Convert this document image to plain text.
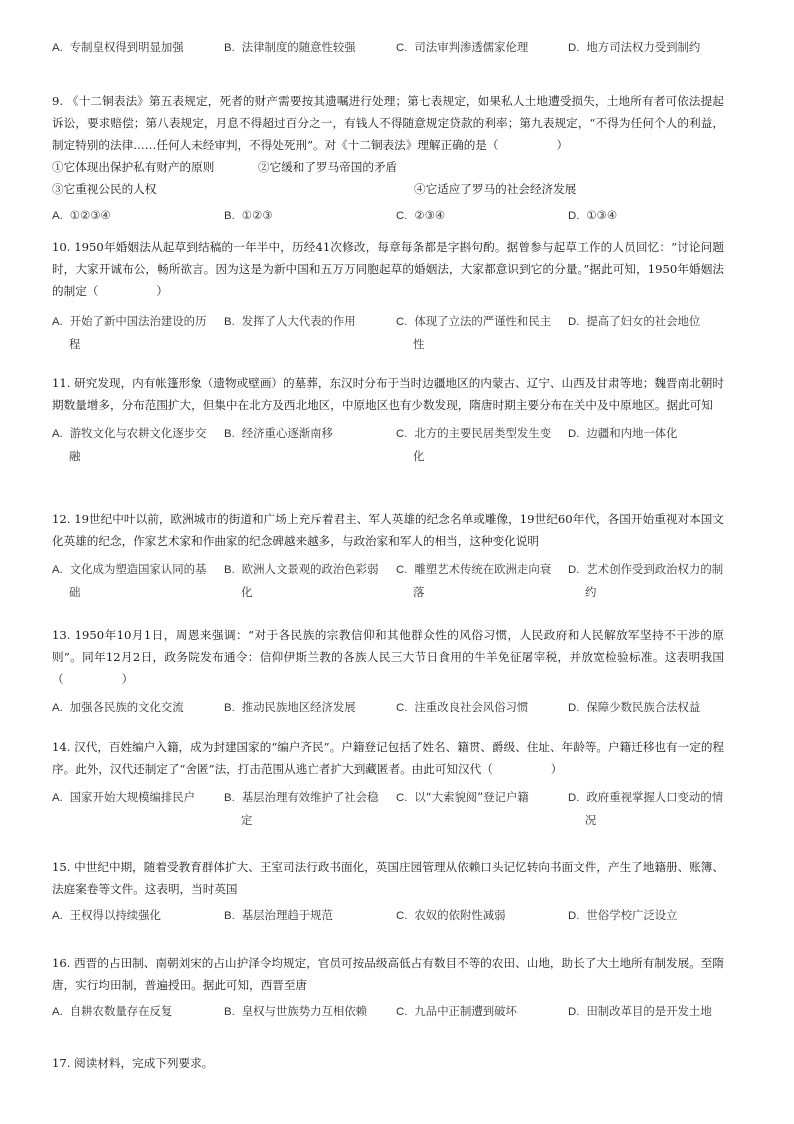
A. 专制皇权得到明显加强	B. 法律制度的随意性较强	C. 司法审判渗透儒家伦理	D. 地方司法权力受到制约

9. 《十二铜表法》第五表规定，死者的财产需要按其遗嘱进行处理；第七表规定，如果私人土地遭受损失，土地所有者可依法提起诉讼，要求赔偿；第八表规定，月息不得超过百分之一，有钱人不得随意规定贷款的利率；第九表规定，“不得为任何个人的利益，制定特别的法律……任何人未经审判，不得处死刑”。对《十二铜表法》理解正确的是（　　　　　）

①它体现出保护私有财产的原则	②它缓和了罗马帝国的矛盾
③它重视公民的人权	④它适应了罗马的社会经济发展
A. ①②③④	B. ①②③	C. ②③④	D. ①③④

10. 1950年婚姻法从起草到结稿的一年半中，历经41次修改，每章每条都是字斟句酌。据曾参与起草工作的人员回忆：“讨论问题时，大家开诚布公，畅所欲言。因为这是为新中国和五万万同胞起草的婚姻法，大家都意识到它的分量。”据此可知，1950年婚姻法的制定（　　　　　）

A. 开始了新中国法治建设的历
程
B. 发挥了人大代表的作用	C. 体现了立法的严谨性和民主
性
D. 提高了妇女的社会地位

11. 研究发现，内有帐篷形象（遗物或壁画）的墓葬，东汉时分布于当时边疆地区的内蒙古、辽宁、山西及甘肃等地；魏晋南北朝时期数量增多，分布范围扩大，但集中在北方及西北地区，中原地区也有少数发现，隋唐时期主要分布在关中及中原地区。据此可知

A. 游牧文化与农耕文化逐步交
融
B. 经济重心逐渐南移	C. 北方的主要民居类型发生变
化
D. 边疆和内地一体化

12. 19世纪中叶以前，欧洲城市的街道和广场上充斥着君主、军人英雄的纪念名单或雕像，19世纪60年代，各国开始重视对本国文化英雄的纪念，作家艺术家和作曲家的纪念碑越来越多，与政治家和军人的相当，这种变化说明

A. 文化成为塑造国家认同的基
础
B. 欧洲人文景观的政治色彩弱
化
C. 雕塑艺术传统在欧洲走向衰
落
D. 艺术创作受到政治权力的制
约

13. 1950年10月1日，周恩来强调：“对于各民族的宗教信仰和其他群众性的风俗习惯，人民政府和人民解放军坚持不干涉的原则”。同年12月2日，政务院发布通令：信仰伊斯兰教的各族人民三大节日食用的牛羊免征屠宰税，并放宽检验标准。这表明我国（　　　　　）

A. 加强各民族的文化交流	B. 推动民族地区经济发展	C. 注重改良社会风俗习惯	D. 保障少数民族合法权益

14. 汉代，百姓编户入籍，成为封建国家的“编户齐民”。户籍登记包括了姓名、籍贯、爵级、住址、年龄等。户籍迁移也有一定的程序。此外，汉代还制定了“舍匿”法，打击范围从逃亡者扩大到藏匿者。由此可知汉代（　　　　　）

A. 国家开始大规模编排民户	B. 基层治理有效维护了社会稳
定
C. 以“大索貌阅”登记户籍	D. 政府重视掌握人口变动的情
况

15. 中世纪中期，随着受教育群体扩大、王室司法行政书面化，英国庄园管理从依赖口头记忆转向书面文件，产生了地籍册、账簿、法庭案卷等文件。这表明，当时英国

A. 王权得以持续强化	B. 基层治理趋于规范	C. 农奴的依附性减弱	D. 世俗学校广泛设立

16. 西晋的占田制、南朝刘宋的占山护泽令均规定，官员可按品级高低占有数目不等的农田、山地，助长了大土地所有制发展。至隋唐，实行均田制，普遍授田。据此可知，西晋至唐

A. 自耕农数量存在反复	B. 皇权与世族势力互相依赖	C. 九品中正制遭到破坏	D. 田制改革目的是开发土地

17. 阅读材料，完成下列要求。
